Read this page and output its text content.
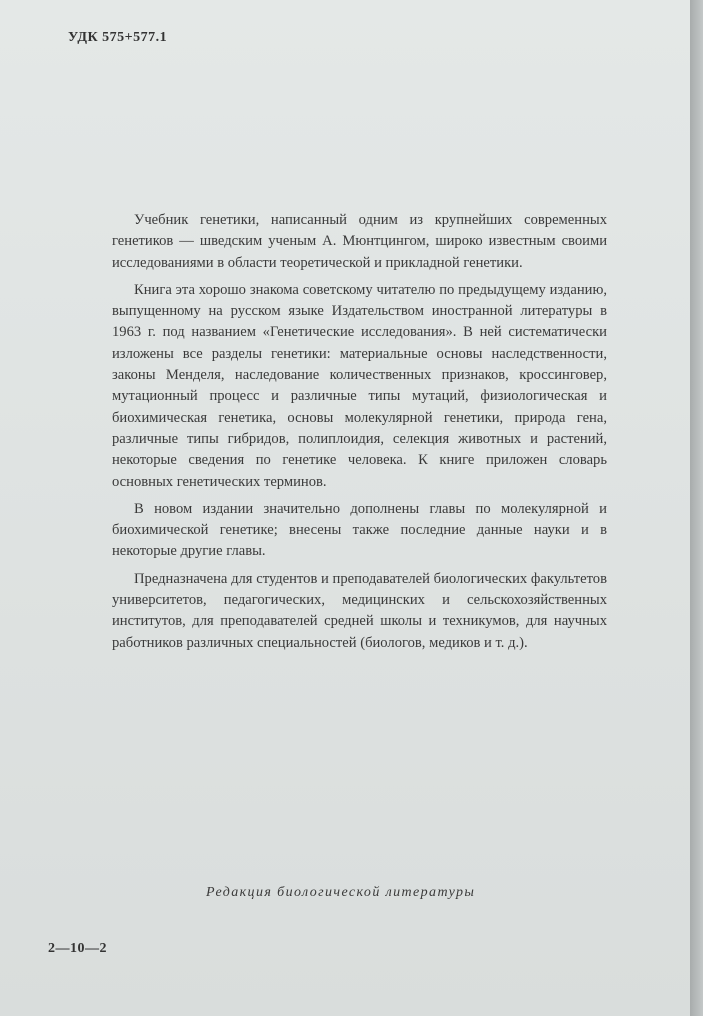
УДК 575+577.1

Учебник генетики, написанный одним из крупнейших современных генетиков — шведским ученым А. Мюнтцингом, широко известным своими исследованиями в области теоретической и прикладной генетики.

Книга эта хорошо знакома советскому читателю по предыдущему изданию, выпущенному на русском языке Издательством иностранной литературы в 1963 г. под названием «Генетические исследования». В ней систематически изложены все разделы генетики: материальные основы наследственности, законы Менделя, наследование количественных признаков, кроссинговер, мутационный процесс и различные типы мутаций, физиологическая и биохимическая генетика, основы молекулярной генетики, природа гена, различные типы гибридов, полиплоидия, селекция животных и растений, некоторые сведения по генетике человека. К книге приложен словарь основных генетических терминов.

В новом издании значительно дополнены главы по молекулярной и биохимической генетике; внесены также последние данные науки и в некоторые другие главы.

Предназначена для студентов и преподавателей биологических факультетов университетов, педагогических, медицинских и сельскохозяйственных институтов, для преподавателей средней школы и техникумов, для научных работников различных специальностей (биологов, медиков и т. д.).

Редакция биологической литературы
2—10—2
